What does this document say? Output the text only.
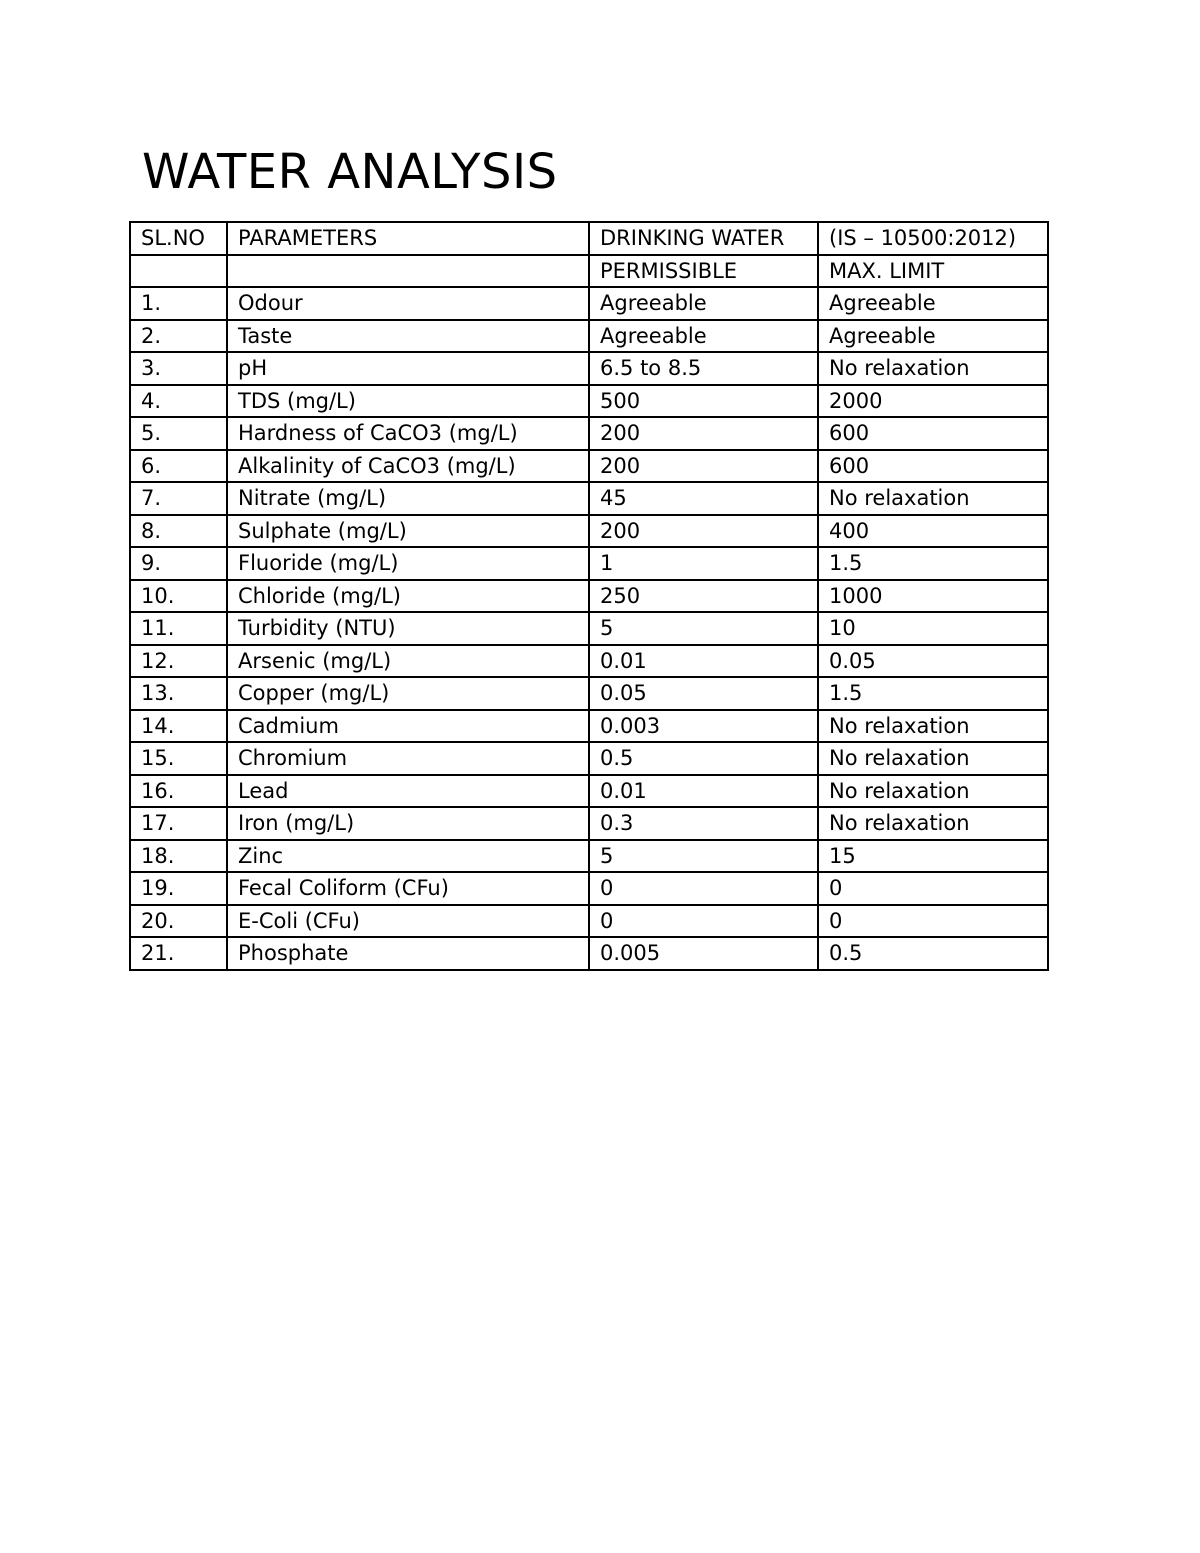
WATER ANALYSIS
SL.NO	PARAMETERS	DRINKING WATER	(IS – 10500:2012)
		PERMISSIBLE	MAX. LIMIT
1.	Odour	Agreeable	Agreeable
2.	Taste	Agreeable	Agreeable
3.	pH	6.5 to 8.5	No relaxation
4.	TDS (mg/L)	500	2000
5.	Hardness of CaCO3 (mg/L)	200	600
6.	Alkalinity of CaCO3 (mg/L)	200	600
7.	Nitrate (mg/L)	45	No relaxation
8.	Sulphate (mg/L)	200	400
9.	Fluoride (mg/L)	1	1.5
10.	Chloride (mg/L)	250	1000
11.	Turbidity (NTU)	5	10
12.	Arsenic (mg/L)	0.01	0.05
13.	Copper (mg/L)	0.05	1.5
14.	Cadmium	0.003	No relaxation
15.	Chromium	0.5	No relaxation
16.	Lead	0.01	No relaxation
17.	Iron (mg/L)	0.3	No relaxation
18.	Zinc	5	15
19.	Fecal Coliform (CFu)	0	0
20.	E-Coli (CFu)	0	0
21.	Phosphate	0.005	0.5
